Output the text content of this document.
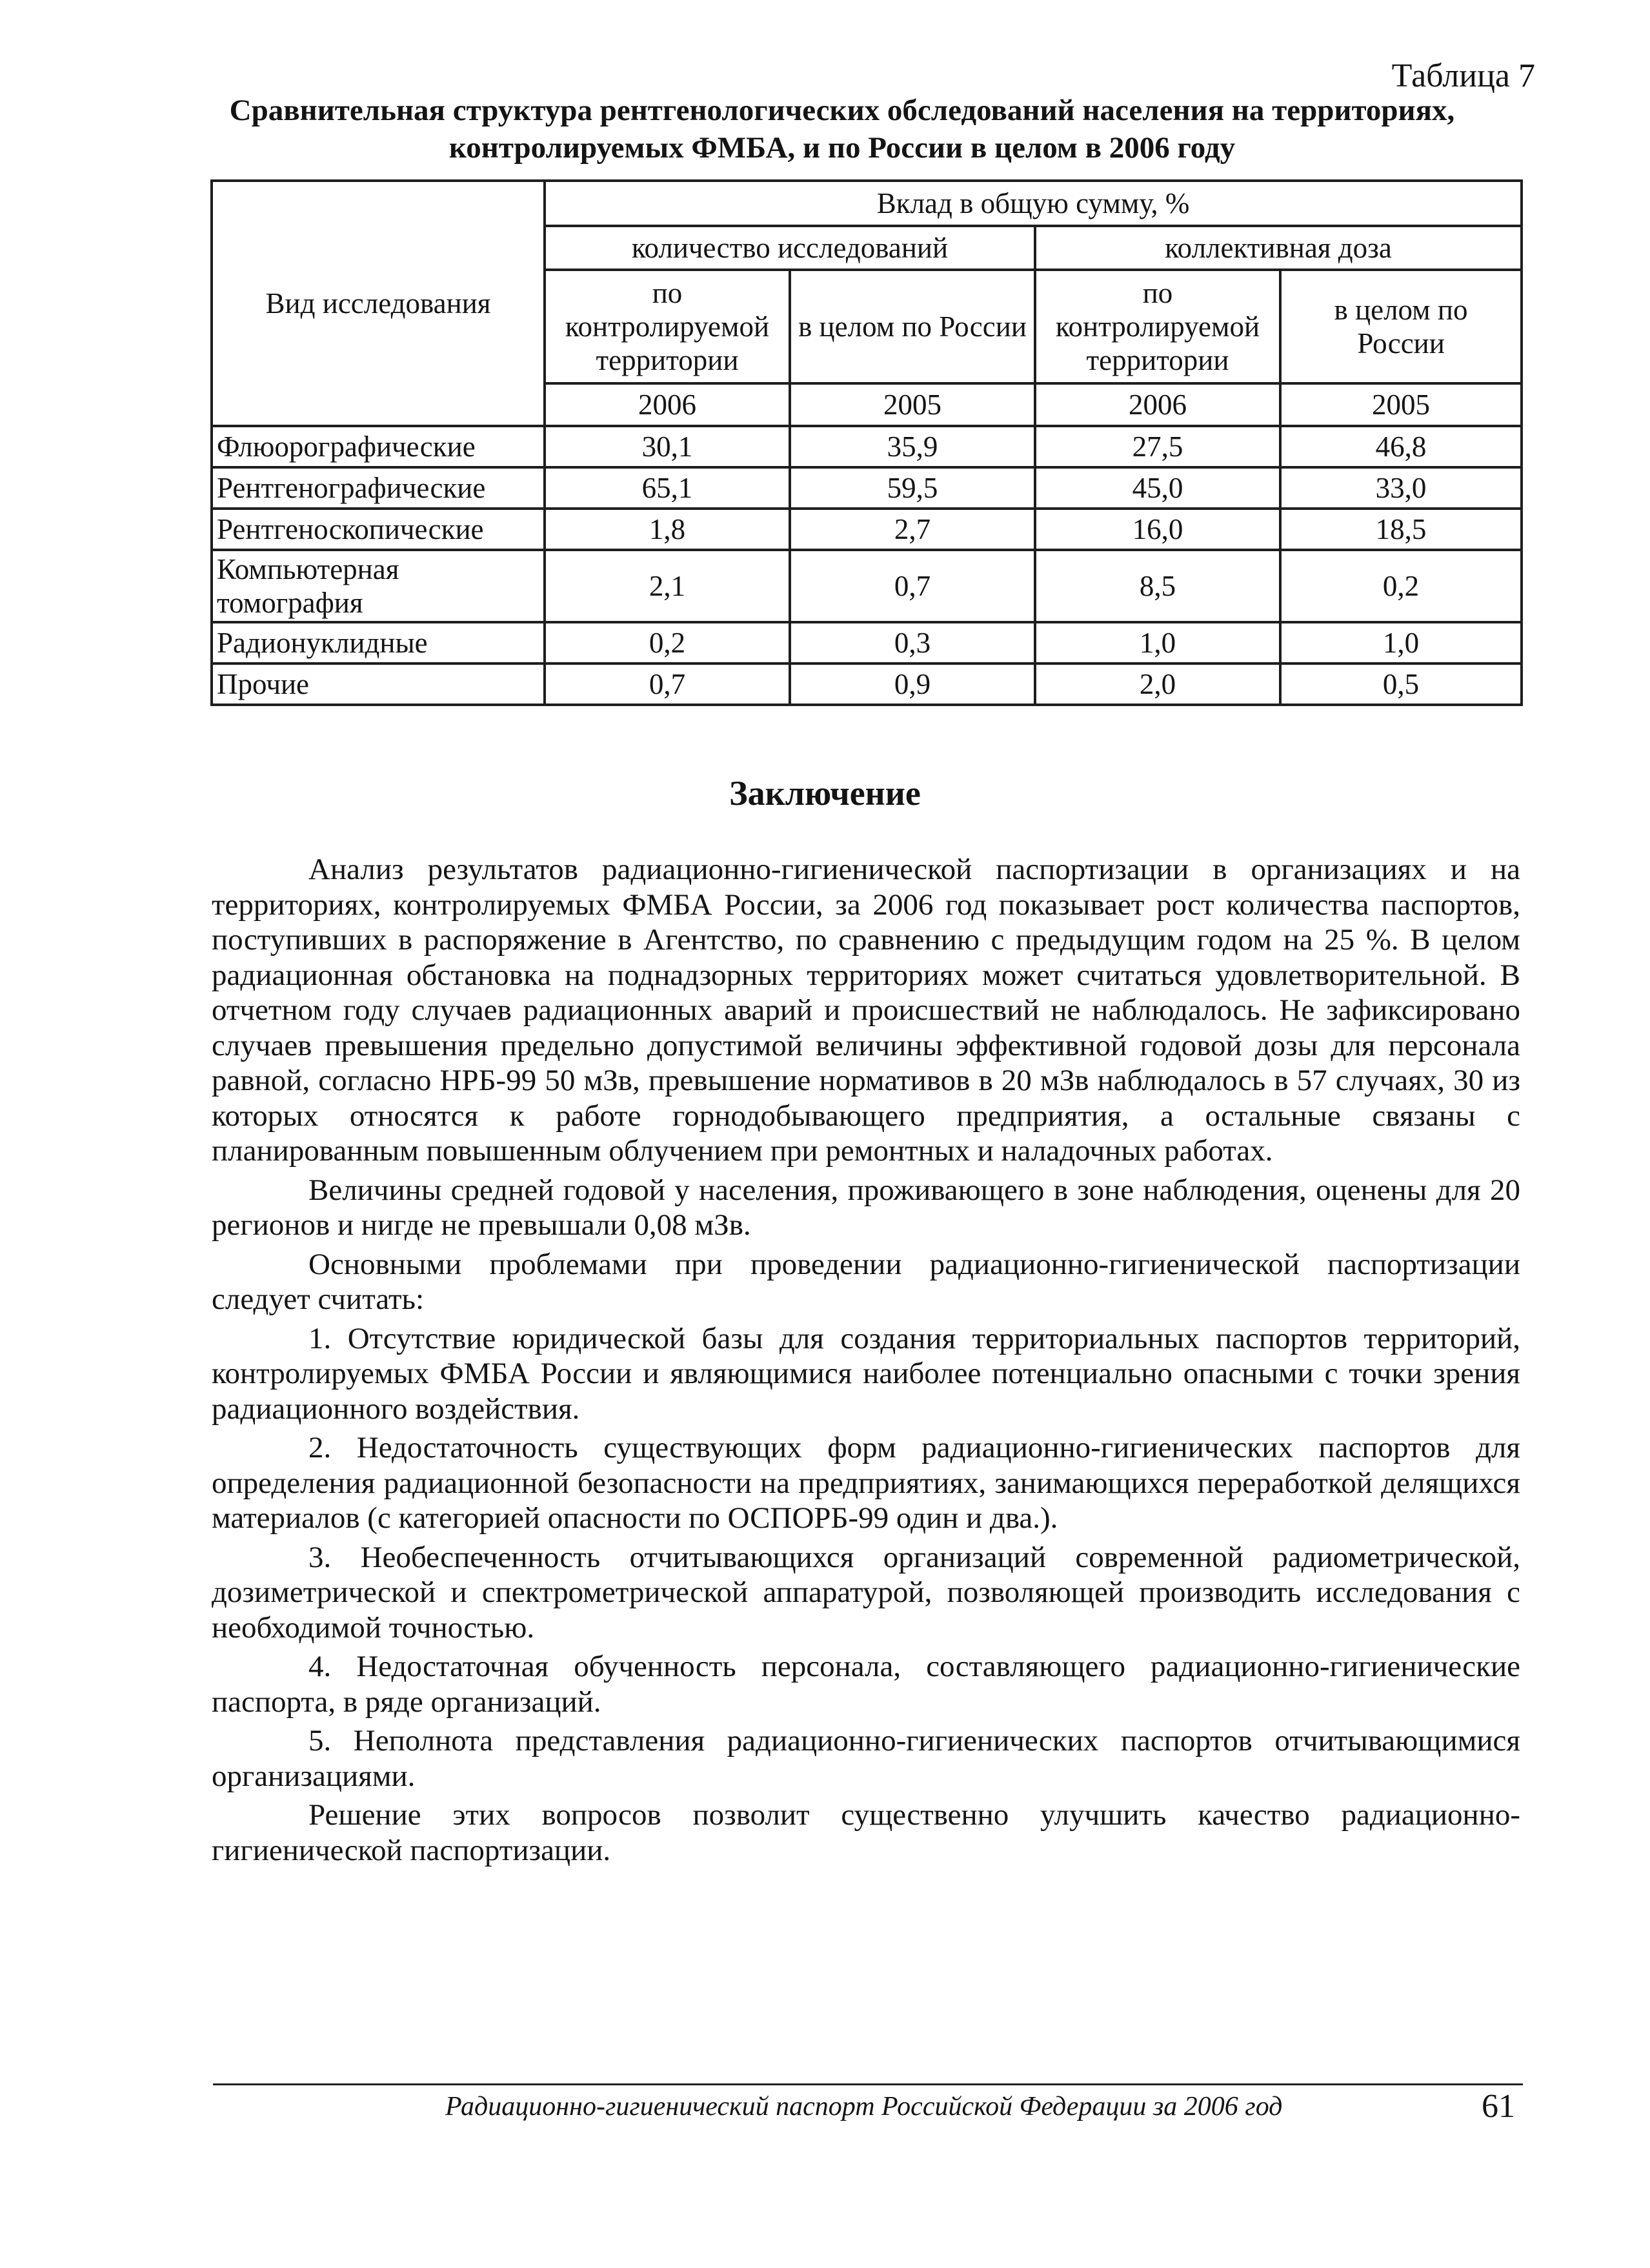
Таблица 7
Сравнительная структура рентгенологических обследований населения на территориях,
контролируемых ФМБА, и по России в целом в 2006 году
Вид исследования	Вклад в общую сумму, %			
	количество исследований		коллективная доза	
	по контролируемой территории	в целом по России	по контролируемой территории	в целом по России
	2006	2005	2006	2005
Флюорографические	30,1	35,9	27,5	46,8
Рентгенографические	65,1	59,5	45,0	33,0
Рентгеноскопические	1,8	2,7	16,0	18,5
Компьютерная томография	2,1	0,7	8,5	0,2
Радионуклидные	0,2	0,3	1,0	1,0
Прочие	0,7	0,9	2,0	0,5
Заключение

Анализ результатов радиационно-гигиенической паспортизации в организациях и на территориях, контролируемых ФМБА России, за 2006 год показывает рост количества паспортов, поступивших в распоряжение в Агентство, по сравнению с предыдущим годом на 25 %. В целом радиационная обстановка на поднадзорных территориях может считаться удовлетворительной. В отчетном году случаев радиационных аварий и происшествий не наблюдалось. Не зафиксировано случаев превышения предельно допустимой величины эффективной годовой дозы для персонала равной, согласно НРБ-99 50 мЗв, превышение нормативов в 20 мЗв наблюдалось в 57 случаях, 30 из которых относятся к работе горнодобывающего предприятия, а остальные связаны с планированным повышенным облучением при ремонтных и наладочных работах.

Величины средней годовой у населения, проживающего в зоне наблюдения, оценены для 20 регионов и нигде не превышали 0,08 мЗв.

Основными проблемами при проведении радиационно-гигиенической паспортизации следует считать:

1. Отсутствие юридической базы для создания территориальных паспортов территорий, контролируемых ФМБА России и являющимися наиболее потенциально опасными с точки зрения радиационного воздействия.

2. Недостаточность существующих форм радиационно-гигиенических паспортов для определения радиационной безопасности на предприятиях, занимающихся переработкой делящихся материалов (с категорией опасности по ОСПОРБ-99 один и два.).

3. Необеспеченность отчитывающихся организаций современной радиометрической, дозиметрической и спектрометрической аппаратурой, позволяющей производить исследования с необходимой точностью.

4. Недостаточная обученность персонала, составляющего радиационно-гигиенические паспорта, в ряде организаций.

5. Неполнота представления радиационно-гигиенических паспортов отчитывающимися организациями.

Решение этих вопросов позволит существенно улучшить качество радиационно-гигиенической паспортизации.

Радиационно-гигиенический паспорт Российской Федерации за 2006 год	61
